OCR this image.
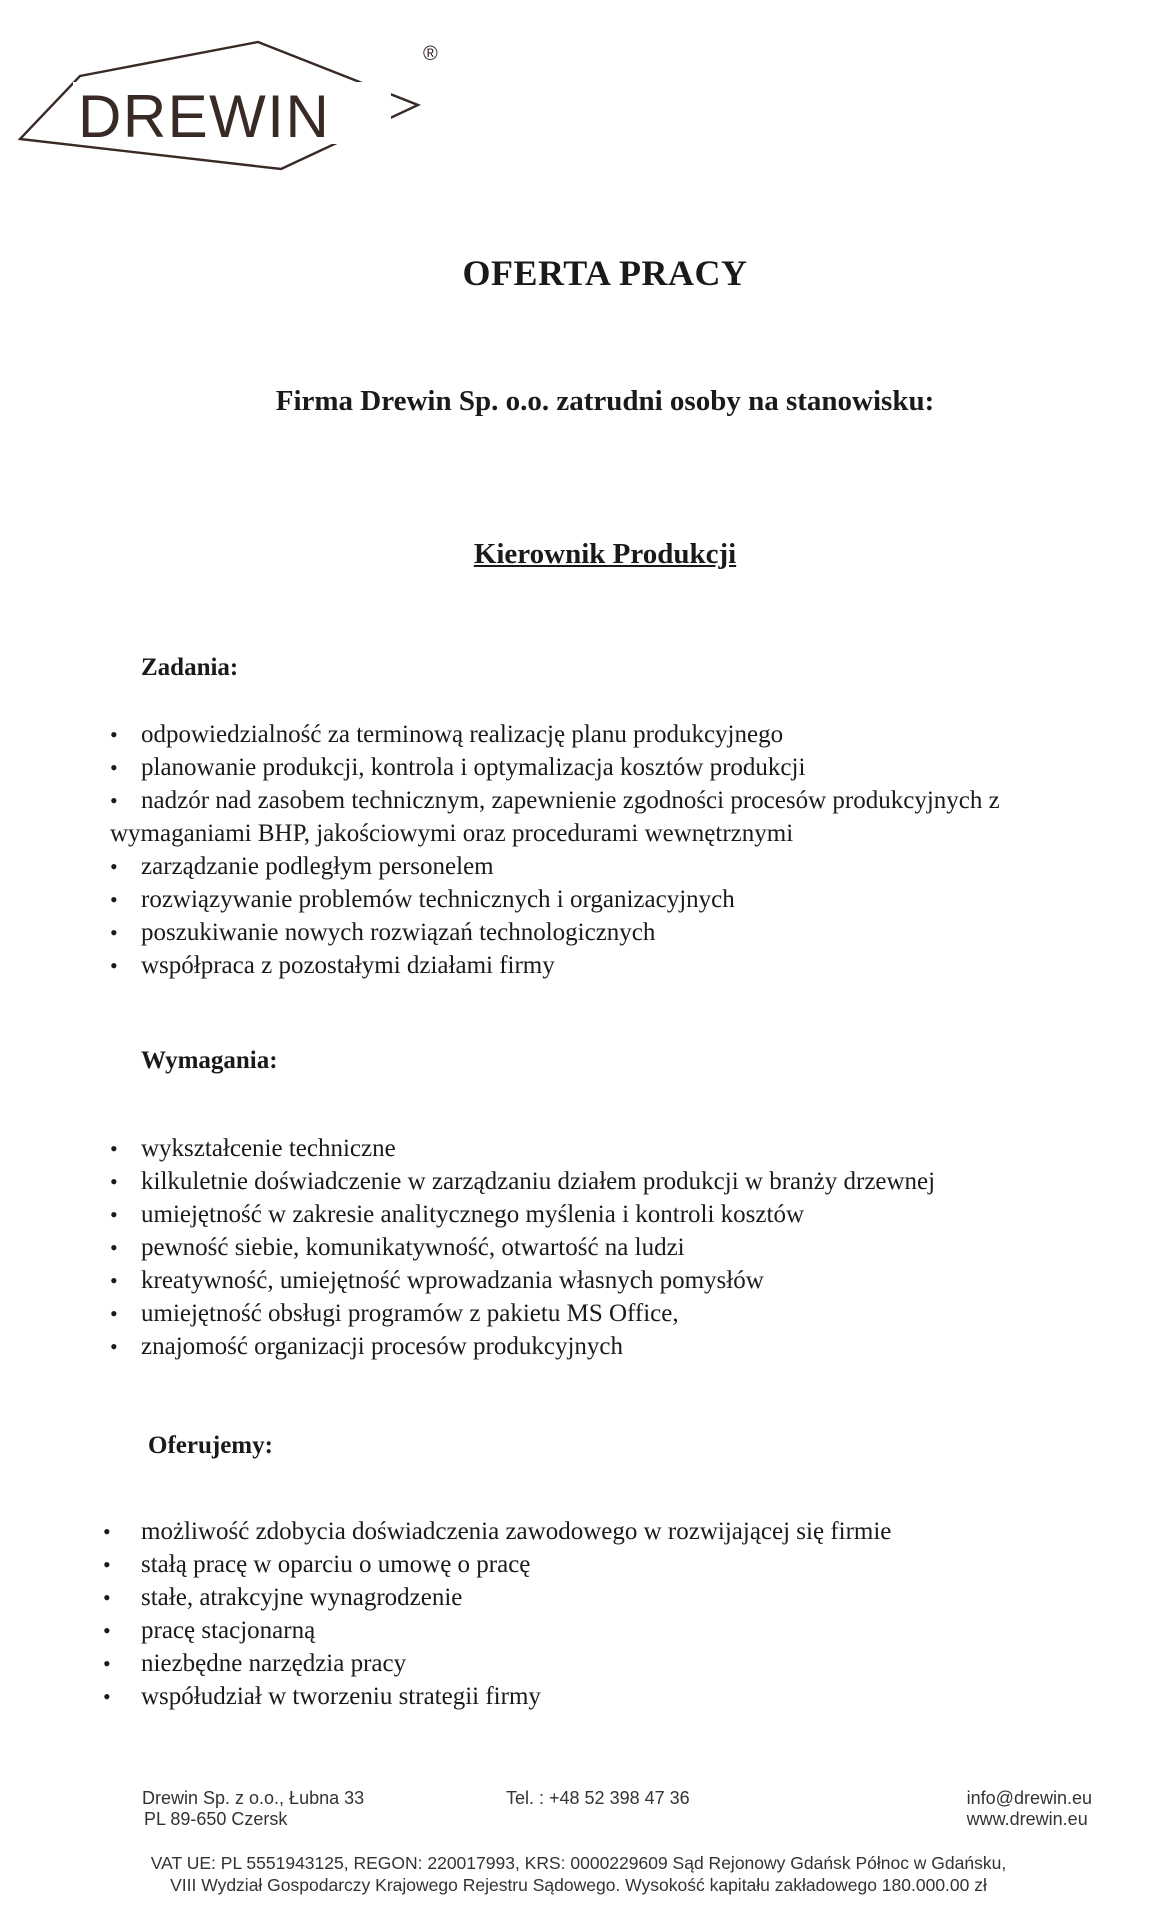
DREWIN
®
OFERTA PRACY
Firma Drewin Sp. o.o. zatrudni osoby na stanowisku:
Kierownik Produkcji
Zadania:
• odpowiedzialność za terminową realizację planu produkcyjnego
• planowanie produkcji, kontrola i optymalizacja kosztów produkcji
• nadzór nad zasobem technicznym, zapewnienie zgodności procesów produkcyjnych z
wymaganiami BHP, jakościowymi oraz procedurami wewnętrznymi
• zarządzanie podległym personelem
• rozwiązywanie problemów technicznych i organizacyjnych
• poszukiwanie nowych rozwiązań technologicznych
• współpraca z pozostałymi działami firmy
Wymagania:
• wykształcenie techniczne
• kilkuletnie doświadczenie w zarządzaniu działem produkcji w branży drzewnej
• umiejętność w zakresie analitycznego myślenia i kontroli kosztów
• pewność siebie, komunikatywność, otwartość na ludzi
• kreatywność, umiejętność wprowadzania własnych pomysłów
• umiejętność obsługi programów z pakietu MS Office,
• znajomość organizacji procesów produkcyjnych
Oferujemy:
• możliwość zdobycia doświadczenia zawodowego w rozwijającej się firmie
• stałą pracę w oparciu o umowę o pracę
• stałe, atrakcyjne wynagrodzenie
• pracę stacjonarną
• niezbędne narzędzia pracy
• współudział w tworzeniu strategii firmy
Drewin Sp. z o.o., Łubna 33
PL 89-650 Czersk
Tel. : +48 52 398 47 36	info@drewin.eu
www.drewin.eu
VAT UE: PL 5551943125, REGON: 220017993, KRS: 0000229609 Sąd Rejonowy Gdańsk Północ w Gdańsku,
VIII Wydział Gospodarczy Krajowego Rejestru Sądowego. Wysokość kapitału zakładowego 180.000.00 zł
